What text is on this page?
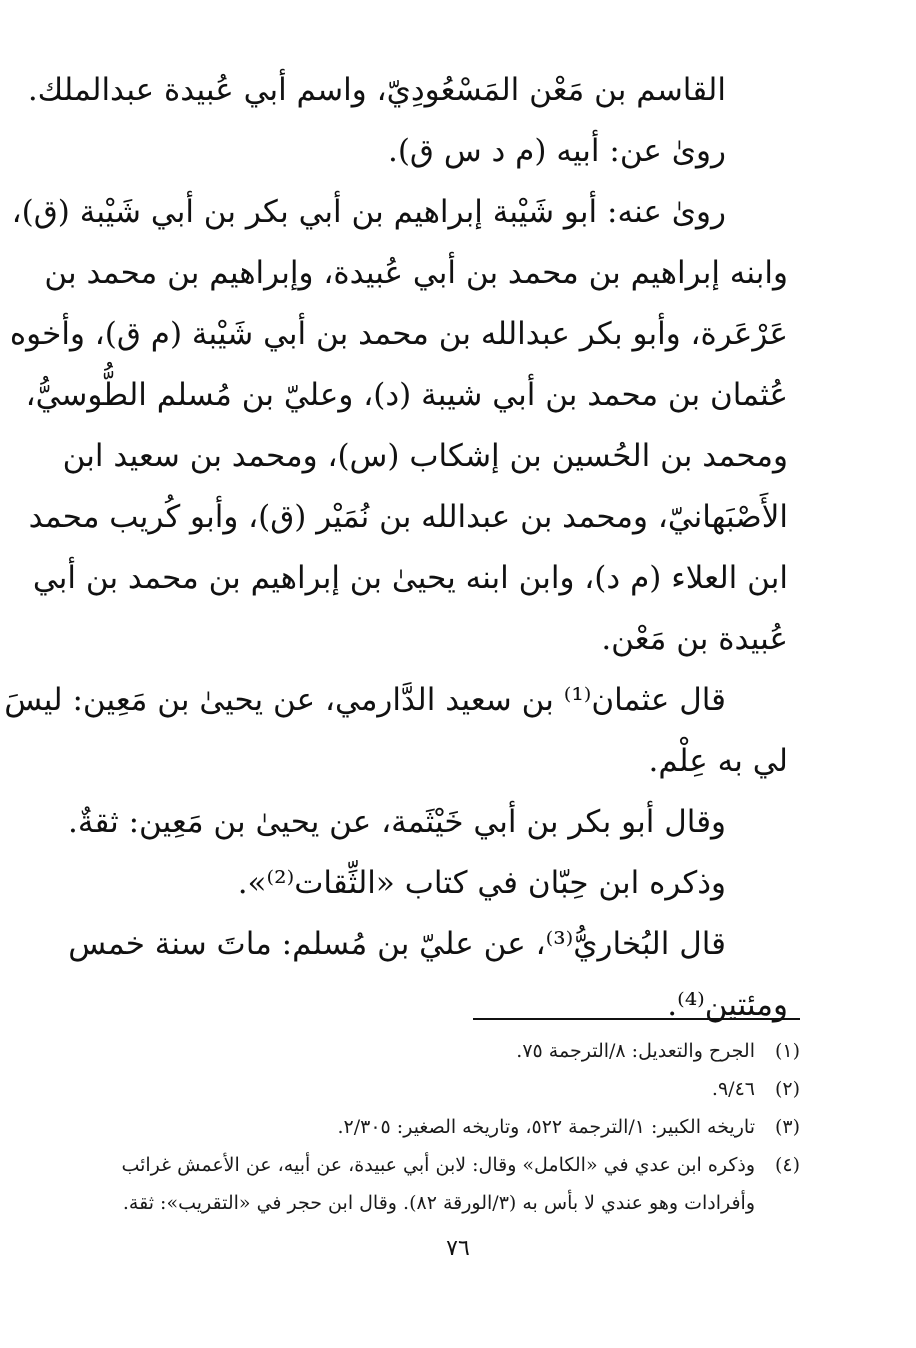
القاسم بن مَعْن المَسْعُودِيّ، واسم أبي عُبيدة عبدالملك.
روىٰ عن: أبيه (م د س ق).
روىٰ عنه: أبو شَيْبة إبراهيم بن أبي بكر بن أبي شَيْبة (ق)،
وابنه إبراهيم بن محمد بن أبي عُبيدة، وإبراهيم بن محمد بن
عَرْعَرة، وأبو بكر عبدالله بن محمد بن أبي شَيْبة (م ق)، وأخوه
عُثمان بن محمد بن أبي شيبة (د)، وعليّ بن مُسلم الطُّوسيُّ،
ومحمد بن الحُسين بن إشكاب (س)، ومحمد بن سعيد ابن
الأَصْبَهانيّ، ومحمد بن عبدالله بن نُمَيْر (ق)، وأبو كُريب محمد
ابن العلاء (م د)، وابن ابنه يحيىٰ بن إبراهيم بن محمد بن أبي
عُبيدة بن مَعْن.
قال عثمان⁽¹⁾ بن سعيد الدَّارمي، عن يحيىٰ بن مَعِين: ليسَ
لي به عِلْم.
وقال أبو بكر بن أبي خَيْثَمة، عن يحيىٰ بن مَعِين: ثقةٌ.
وذكره ابن حِبّان في كتاب «الثِّقات⁽²⁾».
قال البُخاريُّ⁽³⁾، عن عليّ بن مُسلم: ماتَ سنة خمس
ومئتين⁽⁴⁾.
(١)
الجرح والتعديل: ٨/الترجمة ٧٥.
(٢)
٩/٤٦.
(٣)
تاريخه الكبير: ١/الترجمة ٥٢٢، وتاريخه الصغير: ٢/٣٠٥.
(٤)
وذكره ابن عدي في «الكامل» وقال: لابن أبي عبيدة، عن أبيه، عن الأعمش غرائب
وأفرادات وهو عندي لا بأس به (٣/الورقة ٨٢). وقال ابن حجر في «التقريب»: ثقة.
٧٦
